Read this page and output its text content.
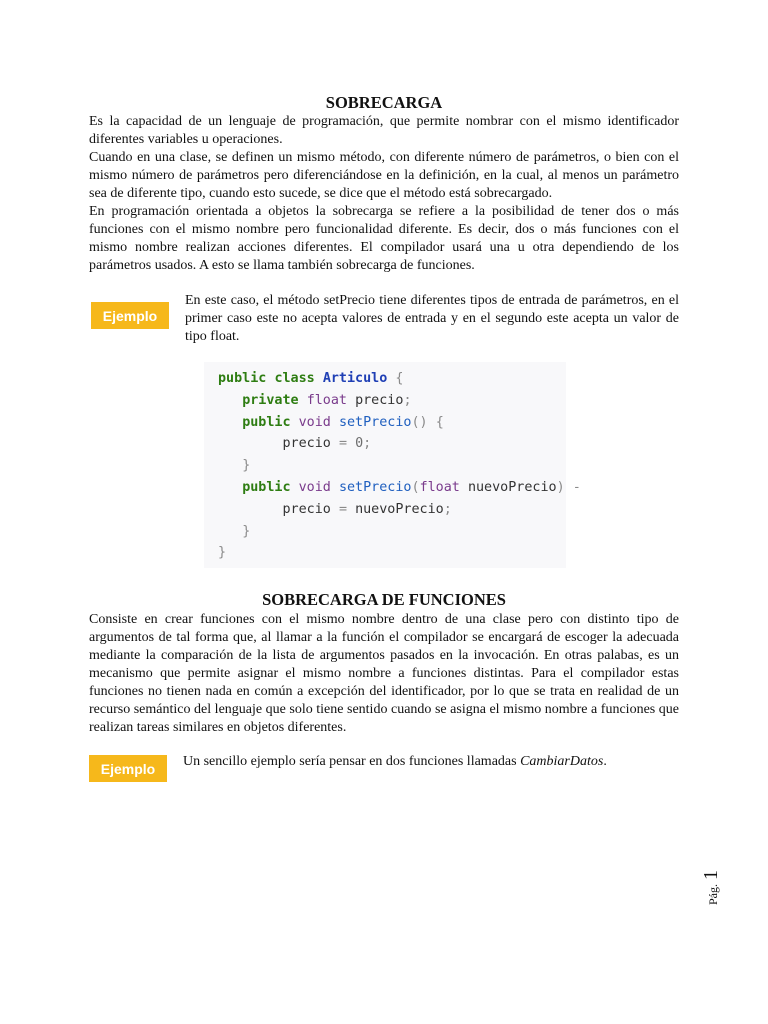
SOBRECARGA

Es la capacidad de un lenguaje de programación, que permite nombrar con el mismo identificador diferentes variables u operaciones.

Cuando en una clase, se definen un mismo método, con diferente número de parámetros, o bien con el mismo número de parámetros pero diferenciándose en la definición, en la cual, al menos un parámetro sea de diferente tipo, cuando esto sucede, se dice que el método está sobrecargado.

En programación orientada a objetos la sobrecarga se refiere a la posibilidad de tener dos o más funciones con el mismo nombre pero funcionalidad diferente. Es decir, dos o más funciones con el mismo nombre realizan acciones diferentes. El compilador usará una u otra dependiendo de los parámetros usados. A esto se llama también sobrecarga de funciones.

Ejemplo

En este caso, el método setPrecio tiene diferentes tipos de entrada de parámetros, en el primer caso este no acepta valores de entrada y en el segundo este acepta un valor de tipo float.

public class Articulo {
private float precio;
public void setPrecio() {
precio = 0;
}
public void setPrecio(float nuevoPrecio) -
precio = nuevoPrecio;
}
}
SOBRECARGA DE FUNCIONES

Consiste en crear funciones con el mismo nombre dentro de una clase pero con distinto tipo de argumentos de tal forma que, al llamar a la función el compilador se encargará de escoger la adecuada mediante la comparación de la lista de argumentos pasados en la invocación. En otras palabas, es un mecanismo que permite asignar el mismo nombre a funciones distintas. Para el compilador estas funciones no tienen nada en común a excepción del identificador, por lo que se trata en realidad de un recurso semántico del lenguaje que solo tiene sentido cuando se asigna el mismo nombre a funciones que realizan tareas similares en objetos diferentes.

Ejemplo	Un sencillo ejemplo sería pensar en dos funciones llamadas CambiarDatos.

Pág.1
